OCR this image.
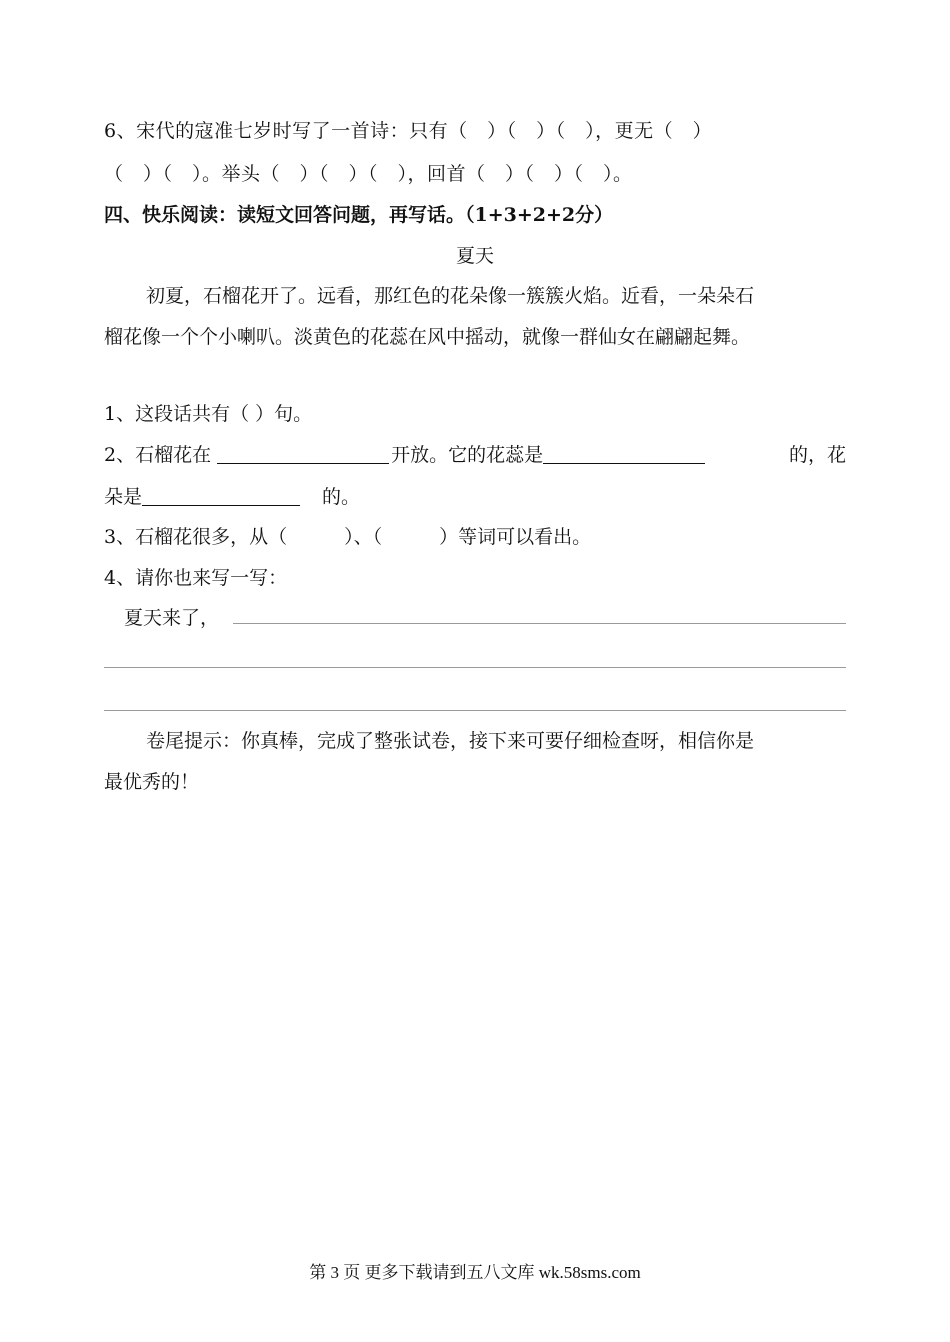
6、宋代的寇准七岁时写了一首诗：只有（　）（　）（　），更无（　）
（　）（　）。举头（　）（　）（　），回首（　）（　）（　）。
四、快乐阅读：读短文回答问题，再写话。（1+3+2+2分）
夏天
初夏，石榴花开了。远看，那红色的花朵像一簇簇火焰。近看，一朵朵石
榴花像一个个小喇叭。淡黄色的花蕊在风中摇动，就像一群仙女在翩翩起舞。
1、这段话共有（ ）句。
2、石榴花在	开放。它的花蕊是	的，花
朵是	的。
3、石榴花很多，从（　　　）、（　　　）等词可以看出。
4、请你也来写一写：
夏天来了，
卷尾提示：你真棒，完成了整张试卷，接下来可要仔细检查呀，相信你是
最优秀的！
第 3 页 更多下载请到五八文库 wk.58sms.com
